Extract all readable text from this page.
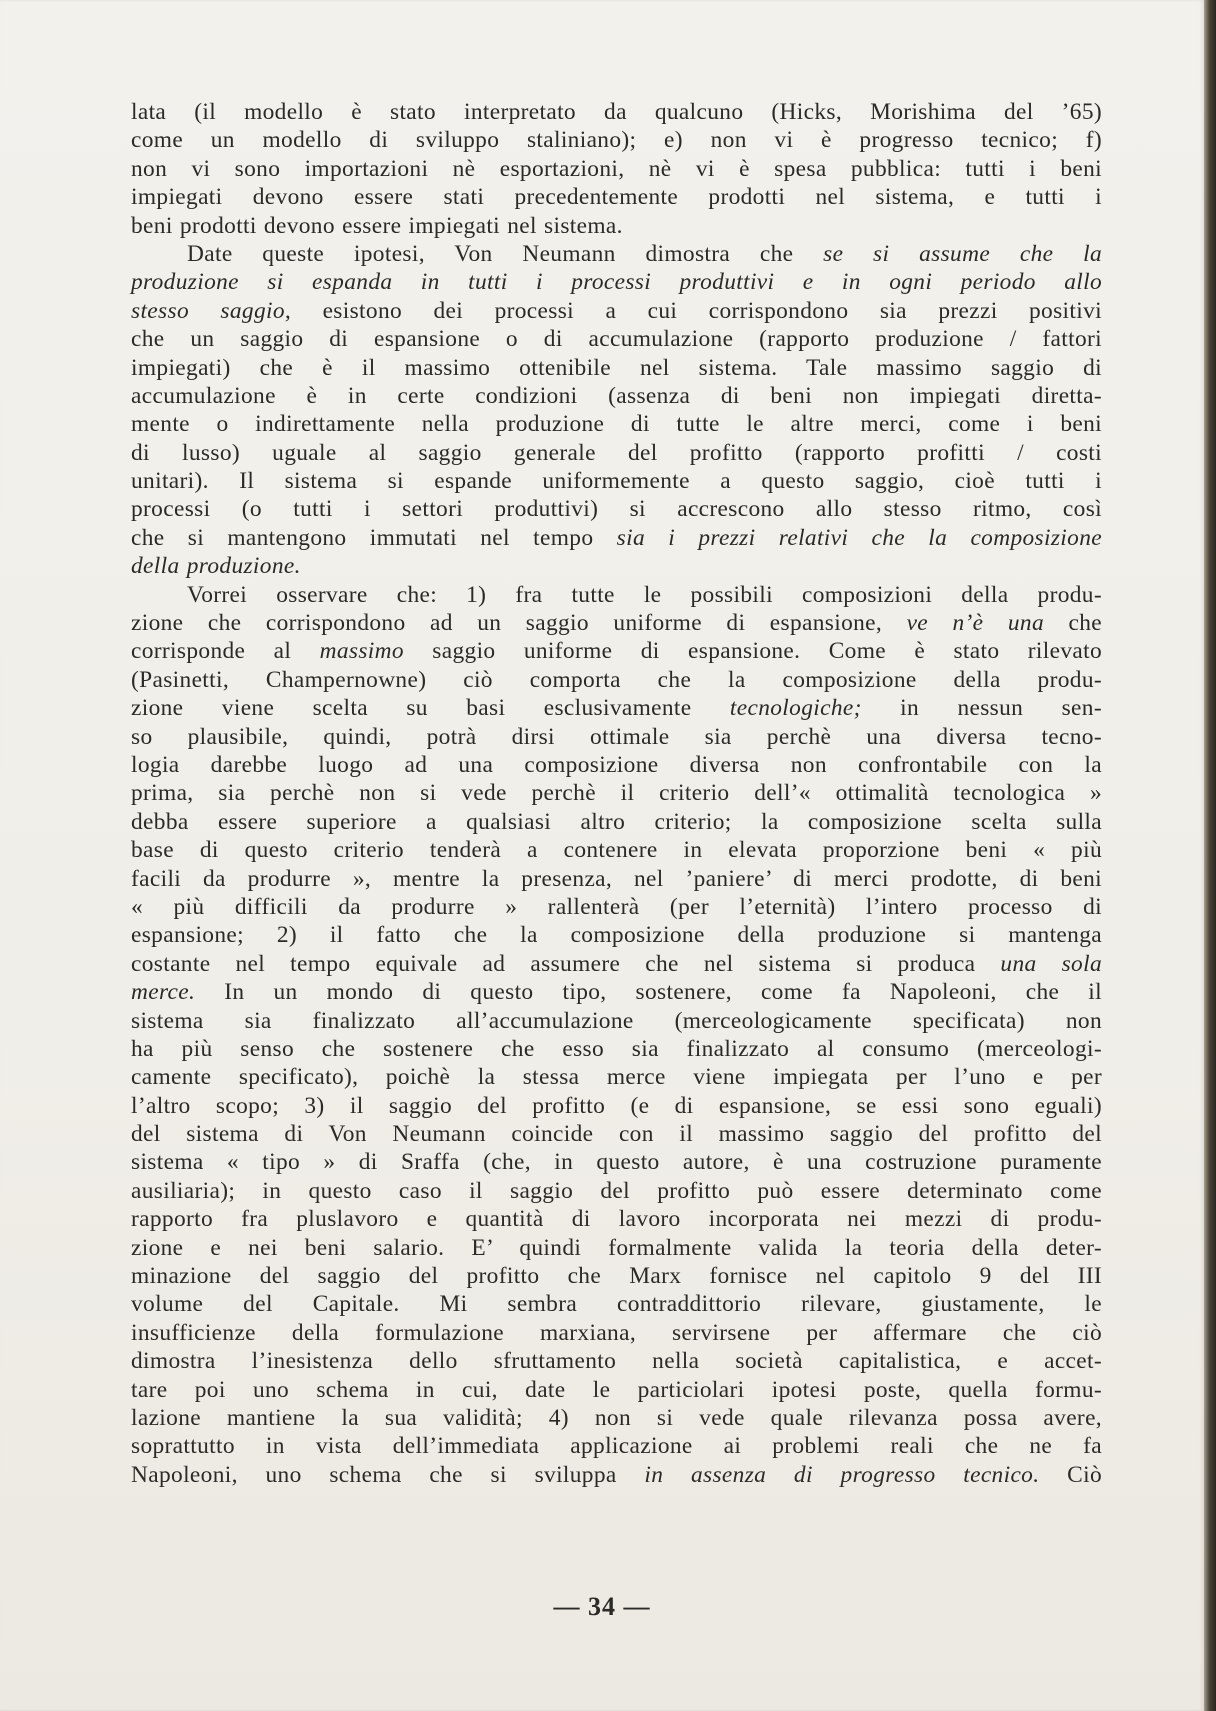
lata (il modello è stato interpretato da qualcuno (Hicks, Morishima del ’65)
come un modello di sviluppo staliniano); e) non vi è progresso tecnico; f)
non vi sono importazioni nè esportazioni, nè vi è spesa pubblica: tutti i beni
impiegati devono essere stati precedentemente prodotti nel sistema, e tutti i
beni prodotti devono essere impiegati nel sistema.
Date queste ipotesi, Von Neumann dimostra che se si assume che la
produzione si espanda in tutti i processi produttivi e in ogni periodo allo
stesso saggio, esistono dei processi a cui corrispondono sia prezzi positivi
che un saggio di espansione o di accumulazione (rapporto produzione / fattori
impiegati) che è il massimo ottenibile nel sistema. Tale massimo saggio di
accumulazione è in certe condizioni (assenza di beni non impiegati diretta-
mente o indirettamente nella produzione di tutte le altre merci, come i beni
di lusso) uguale al saggio generale del profitto (rapporto profitti / costi
unitari). Il sistema si espande uniformemente a questo saggio, cioè tutti i
processi (o tutti i settori produttivi) si accrescono allo stesso ritmo, così
che si mantengono immutati nel tempo sia i prezzi relativi che la composizione
della produzione.
Vorrei osservare che: 1) fra tutte le possibili composizioni della produ-
zione che corrispondono ad un saggio uniforme di espansione, ve n’è una che
corrisponde al massimo saggio uniforme di espansione. Come è stato rilevato
(Pasinetti, Champernowne) ciò comporta che la composizione della produ-
zione viene scelta su basi esclusivamente tecnologiche; in nessun sen-
so plausibile, quindi, potrà dirsi ottimale sia perchè una diversa tecno-
logia darebbe luogo ad una composizione diversa non confrontabile con la
prima, sia perchè non si vede perchè il criterio dell’« ottimalità tecnologica »
debba essere superiore a qualsiasi altro criterio; la composizione scelta sulla
base di questo criterio tenderà a contenere in elevata proporzione beni « più
facili da produrre », mentre la presenza, nel ’paniere’ di merci prodotte, di beni
« più difficili da produrre » rallenterà (per l’eternità) l’intero processo di
espansione; 2) il fatto che la composizione della produzione si mantenga
costante nel tempo equivale ad assumere che nel sistema si produca una sola
merce. In un mondo di questo tipo, sostenere, come fa Napoleoni, che il
sistema sia finalizzato all’accumulazione (merceologicamente specificata) non
ha più senso che sostenere che esso sia finalizzato al consumo (merceologi-
camente specificato), poichè la stessa merce viene impiegata per l’uno e per
l’altro scopo; 3) il saggio del profitto (e di espansione, se essi sono eguali)
del sistema di Von Neumann coincide con il massimo saggio del profitto del
sistema « tipo » di Sraffa (che, in questo autore, è una costruzione puramente
ausiliaria); in questo caso il saggio del profitto può essere determinato come
rapporto fra pluslavoro e quantità di lavoro incorporata nei mezzi di produ-
zione e nei beni salario. E’ quindi formalmente valida la teoria della deter-
minazione del saggio del profitto che Marx fornisce nel capitolo 9 del III
volume del Capitale. Mi sembra contraddittorio rilevare, giustamente, le
insufficienze della formulazione marxiana, servirsene per affermare che ciò
dimostra l’inesistenza dello sfruttamento nella società capitalistica, e accet-
tare poi uno schema in cui, date le particiolari ipotesi poste, quella formu-
lazione mantiene la sua validità; 4) non si vede quale rilevanza possa avere,
soprattutto in vista dell’immediata applicazione ai problemi reali che ne fa
Napoleoni, uno schema che si sviluppa in assenza di progresso tecnico. Ciò
— 34 —
